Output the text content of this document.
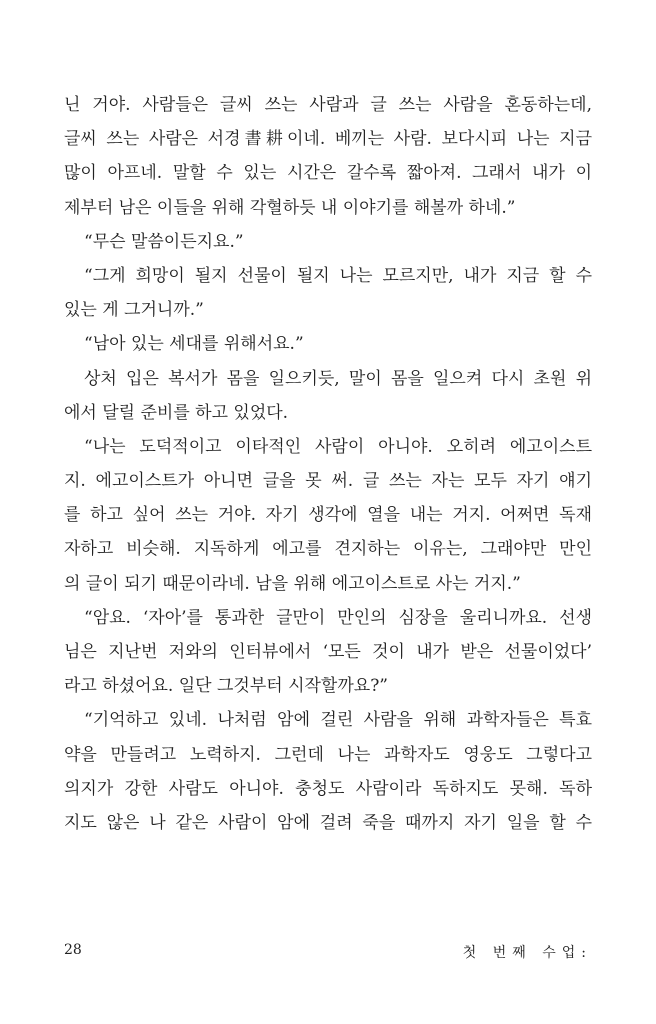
닌 거야. 사람들은 글씨 쓰는 사람과 글 쓰는 사람을 혼동하는데,
글씨 쓰는 사람은 서경書耕이네. 베끼는 사람. 보다시피 나는 지금
많이 아프네. 말할 수 있는 시간은 갈수록 짧아져. 그래서 내가 이
제부터 남은 이들을 위해 각혈하듯 내 이야기를 해볼까 하네.”
“무슨 말씀이든지요.”
“그게 희망이 될지 선물이 될지 나는 모르지만, 내가 지금 할 수
있는 게 그거니까.”
“남아 있는 세대를 위해서요.”
상처 입은 복서가 몸을 일으키듯, 말이 몸을 일으켜 다시 초원 위
에서 달릴 준비를 하고 있었다.
“나는 도덕적이고 이타적인 사람이 아니야. 오히려 에고이스트
지. 에고이스트가 아니면 글을 못 써. 글 쓰는 자는 모두 자기 얘기
를 하고 싶어 쓰는 거야. 자기 생각에 열을 내는 거지. 어쩌면 독재
자하고 비슷해. 지독하게 에고를 견지하는 이유는, 그래야만 만인
의 글이 되기 때문이라네. 남을 위해 에고이스트로 사는 거지.”
“암요. ‘자아’를 통과한 글만이 만인의 심장을 울리니까요. 선생
님은 지난번 저와의 인터뷰에서 ‘모든 것이 내가 받은 선물이었다’
라고 하셨어요. 일단 그것부터 시작할까요?”
“기억하고 있네. 나처럼 암에 걸린 사람을 위해 과학자들은 특효
약을 만들려고 노력하지. 그런데 나는 과학자도 영웅도 그렇다고
의지가 강한 사람도 아니야. 충청도 사람이라 독하지도 못해. 독하
지도 않은 나 같은 사람이 암에 걸려 죽을 때까지 자기 일을 할 수
28	첫 번째 수업:
